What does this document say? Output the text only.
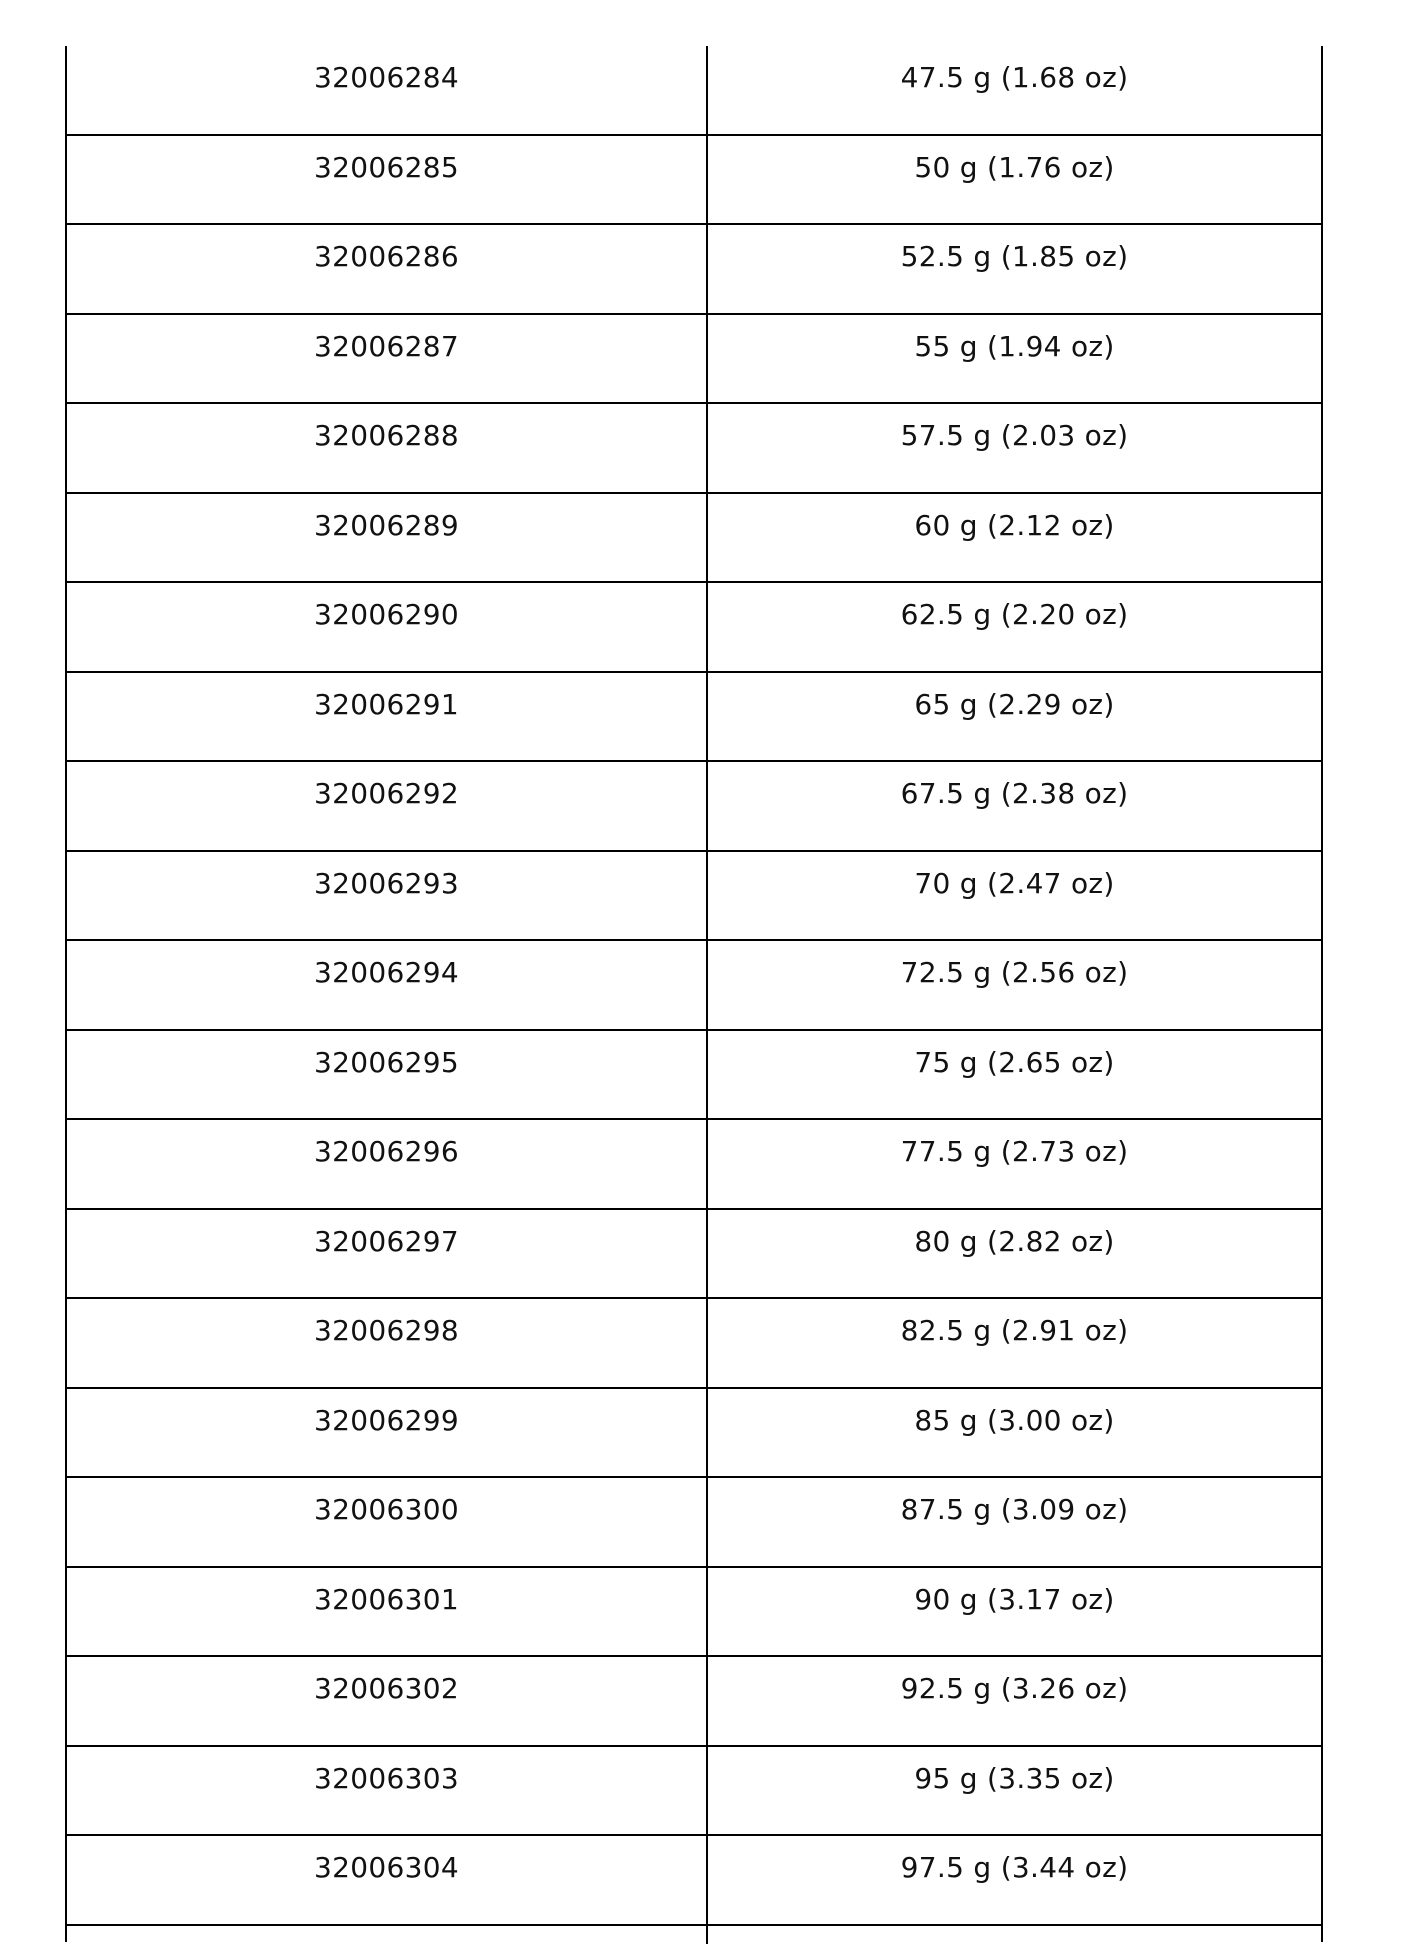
32006284	47.5 g (1.68 oz)
32006285	50 g (1.76 oz)
32006286	52.5 g (1.85 oz)
32006287	55 g (1.94 oz)
32006288	57.5 g (2.03 oz)
32006289	60 g (2.12 oz)
32006290	62.5 g (2.20 oz)
32006291	65 g (2.29 oz)
32006292	67.5 g (2.38 oz)
32006293	70 g (2.47 oz)
32006294	72.5 g (2.56 oz)
32006295	75 g (2.65 oz)
32006296	77.5 g (2.73 oz)
32006297	80 g (2.82 oz)
32006298	82.5 g (2.91 oz)
32006299	85 g (3.00 oz)
32006300	87.5 g (3.09 oz)
32006301	90 g (3.17 oz)
32006302	92.5 g (3.26 oz)
32006303	95 g (3.35 oz)
32006304	97.5 g (3.44 oz)
